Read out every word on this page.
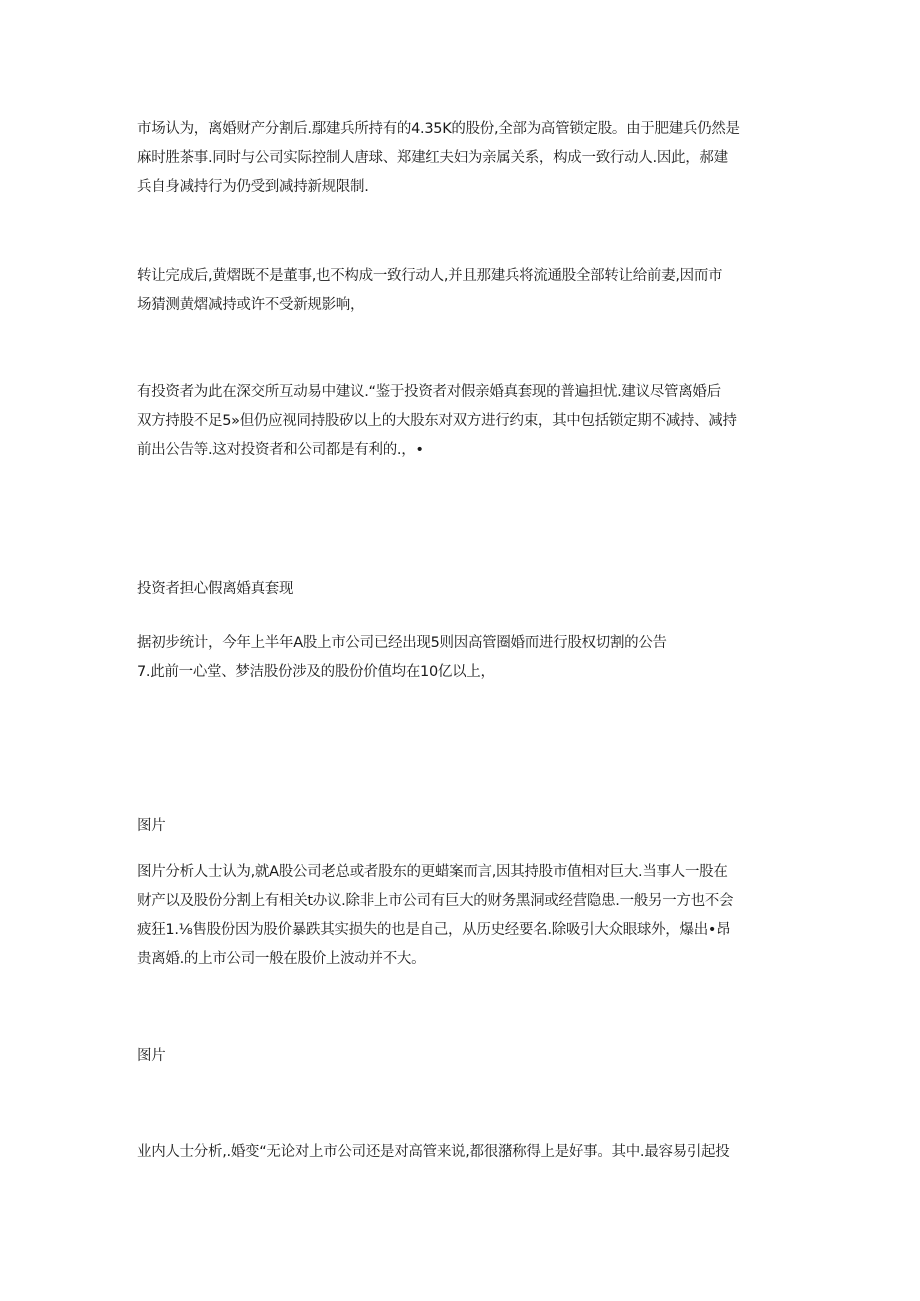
市场认为，离婚财产分割后.鄢建兵所持有的4.35K的股份,全部为高管锁定股。由于肥建兵仍然是
麻时胜茶事.同时与公司实际控制人唐球、郑建红夫妇为亲属关系，构成一致行动人.因此，郝建
兵自身减持行为仍受到减持新规限制.
转让完成后,黄熠既不是董事,也不构成一致行动人,并且那建兵将流通股全部转让给前妻,因而市
场猜测黄熠减持或许不受新规影响，
有投资者为此在深交所互动易中建议.“鉴于投资者对假亲婚真套现的普遍担忧.建议尽管离婚后
双方持股不足5»但仍应视同持股矽以上的大股东对双方进行约束，其中包括锁定期不减持、减持
前出公告等.这对投资者和公司都是有利的.，•
投资者担心假离婚真套现
据初步统计，今年上半年A股上市公司已经出现5则因高管圈婚而进行股权切割的公告
7.此前一心堂、梦洁股份涉及的股份价值均在10亿以上，
图片
图片分析人士认为,就A股公司老总或者股东的更蜡案而言,因其持股市值相对巨大.当事人一股在
财产以及股份分割上有相关t办议.除非上市公司有巨大的财务黑洞或经营隐患.一般另一方也不会
疲狂1.⅛售股份因为股价暴跌其实损失的也是自己，从历史经要名.除吸引大众眼球外，爆出•昂
贵离婚.的上市公司一般在股价上波动并不大。
图片
业内人士分析,.婚变“无论对上市公司还是对高管来说,都很潴称得上是好事。其中.最容易引起投
